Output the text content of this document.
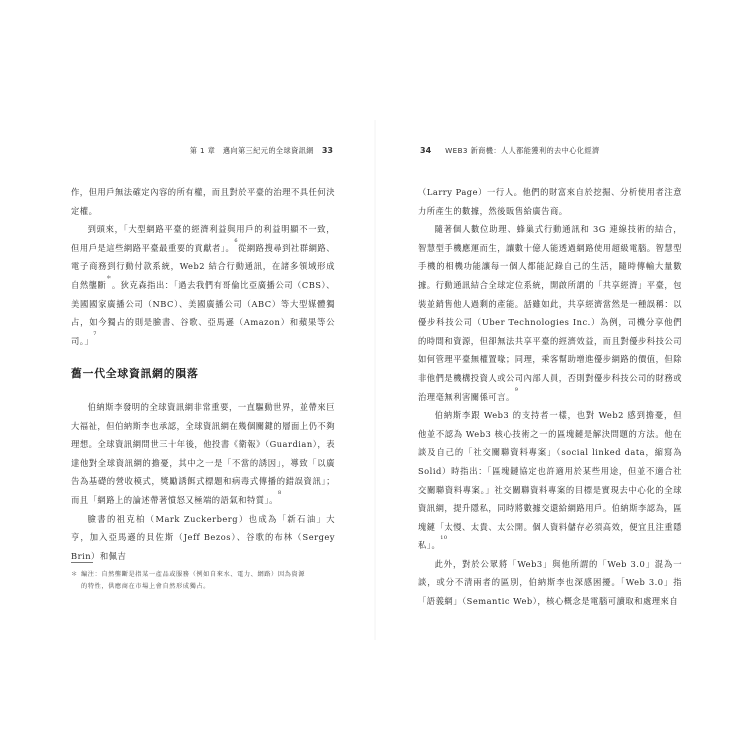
第 1 章　邁向第三紀元的全球資訊網 33

作，但用戶無法確定內容的所有權，而且對於平臺的治理不具任何決定權。

到頭來，「大型網路平臺的經濟利益與用戶的利益明顯不一致，但用戶是這些網路平臺最重要的貢獻者」。$^6$從網路搜尋到社群網路、電子商務到行動付款系統，Web2 結合行動通訊，在諸多領域形成自然壟斷＊。狄克森指出：「過去我們有哥倫比亞廣播公司（CBS）、美國國家廣播公司（NBC）、美國廣播公司（ABC）等大型媒體獨占，如今獨占的則是臉書、谷歌、亞馬遜（Amazon）和蘋果等公司。」$^7$

舊一代全球資訊網的隕落

伯納斯李發明的全球資訊網非常重要，一直驅動世界，並帶來巨大福祉，但伯納斯李也承認，全球資訊網在幾個關鍵的層面上仍不夠理想。全球資訊網問世三十年後，他投書《衛報》（Guardian），表達他對全球資訊網的擔憂，其中之一是「不當的誘因」，導致「以廣告為基礎的營收模式，獎勵誘餌式標題和病毒式傳播的錯誤資訊」；而且「網路上的論述帶著憤怒又極端的語氣和特質」。$^8$

臉書的祖克柏（Mark Zuckerberg）也成為「新石油」大亨，加入亞馬遜的貝佐斯（Jeff Bezos）、谷歌的布林（Sergey Brin）和佩吉

＊ 編注：自然壟斷是指某一產品或服務（例如自來水、電力、網路）因為資源
的特性，供應商在市場上會自然形成獨占。
34 WEB3 新商機：人人都能獲利的去中心化經濟

（Larry Page）一行人。他們的財富來自於挖掘、分析使用者注意力所產生的數據，然後販售給廣告商。

隨著個人數位助理、蜂巢式行動通訊和 3G 連線技術的結合，智慧型手機應運而生，讓數十億人能透過網路使用超級電腦。智慧型手機的相機功能讓每一個人都能記錄自己的生活，隨時傳輸大量數據。行動通訊結合全球定位系統，開啟所謂的「共享經濟」平臺，包裝並銷售他人過剩的產能。話雖如此，共享經濟當然是一種誤稱：以優步科技公司（Uber Technologies Inc.）為例，司機分享他們的時間和資源，但卻無法共享平臺的經濟效益，而且對優步科技公司如何管理平臺無權置喙；同理，乘客幫助增進優步網路的價值，但除非他們是機構投資人或公司內部人員，否則對優步科技公司的財務或治理毫無利害關係可言。$^9$

伯納斯李跟 Web3 的支持者一樣，也對 Web2 感到擔憂，但他並不認為 Web3 核心技術之一的區塊鏈是解決問題的方法。他在談及自己的「社交關聯資料專案」（social linked data，縮寫為 Solid）時指出：「區塊鏈協定也許適用於某些用途，但並不適合社交關聯資料專案。」社交關聯資料專案的目標是實現去中心化的全球資訊網，提升隱私，同時將數據交還給網路用戶。伯納斯李認為，區塊鏈「太慢、太貴、太公開。個人資料儲存必須高效，便宜且注重隱私」。$^{10}$

此外，對於公眾將「Web3」與他所謂的「Web 3.0」混為一談，或分不清兩者的區別，伯納斯李也深感困擾。「Web 3.0」指「語義網」（Semantic Web），核心概念是電腦可讀取和處理來自
